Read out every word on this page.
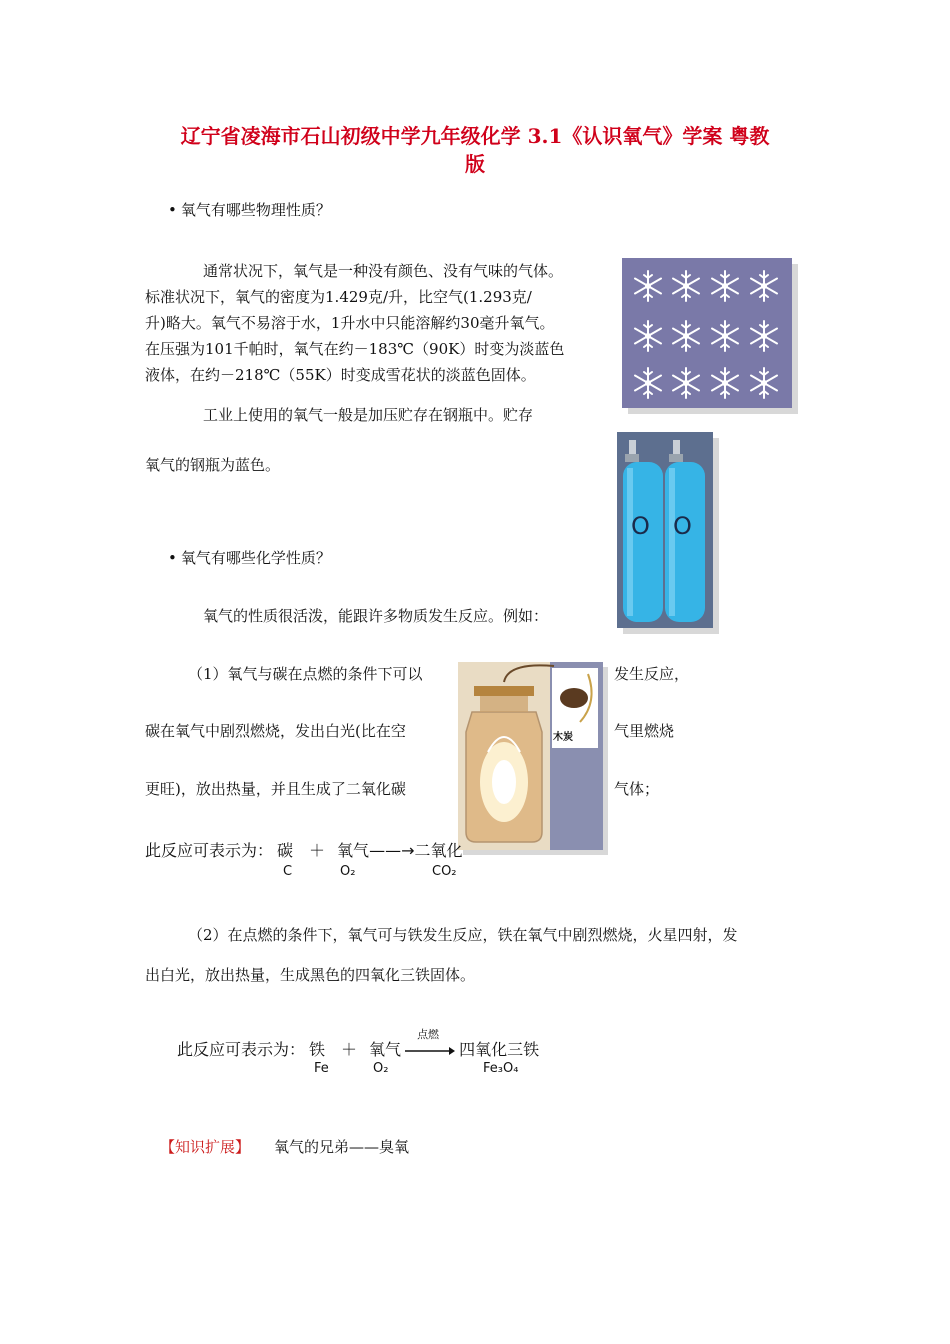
辽宁省凌海市石山初级中学九年级化学 3.1《认识氧气》学案 粤教
版
• 氧气有哪些物理性质？
通常状况下，氧气是一种没有颜色、没有气味的气体。
标准状况下，氧气的密度为1.429克/升，比空气(1.293克/
升)略大。氧气不易溶于水，1升水中只能溶解约30毫升氧气。
在压强为101千帕时，氧气在约－183℃（90K）时变为淡蓝色
液体，在约－218℃（55K）时变成雪花状的淡蓝色固体。
工业上使用的氧气一般是加压贮存在钢瓶中。贮存
氧气的钢瓶为蓝色。
O O
• 氧气有哪些化学性质？
氧气的性质很活泼，能跟许多物质发生反应。例如：
（1）氧气与碳在点燃的条件下可以	发生反应，
碳在氧气中剧烈燃烧，发出白光(比在空	气里燃烧
更旺)，放出热量，并且生成了二氧化碳	气体；
木炭
此反应可表示为： 碳 ＋ 氧气——→二氧化
C	O₂	CO₂
（2）在点燃的条件下，氧气可与铁发生反应，铁在氧气中剧烈燃烧，火星四射，发
出白光，放出热量，生成黑色的四氧化三铁固体。
此反应可表示为： 铁 ＋ 氧气
点燃
四氧化三铁
Fe	O₂	Fe₃O₄
【知识扩展】 氧气的兄弟——臭氧
